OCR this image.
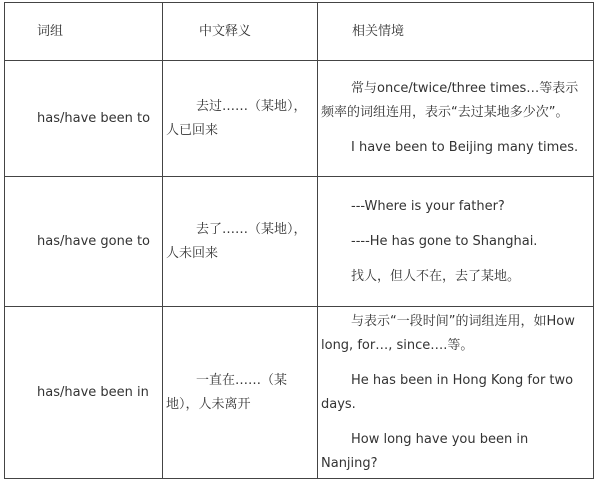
词组	中文释义	相关情境
has/have been to	去过……（某地），人已回来	常与once/twice/three times…等表示频率的词组连用，表示“去过某地多少次”。

I have been to Beijing many times.

has/have gone to	去了……（某地），人未回来	---Where is your father?

----He has gone to Shanghai.

找人，但人不在，去了某地。

has/have been in	一直在……（某地），人未离开	与表示“一段时间”的词组连用，如How long, for…, since….等。

He has been in Hong Kong for two days.

How long have you been in Nanjing?
